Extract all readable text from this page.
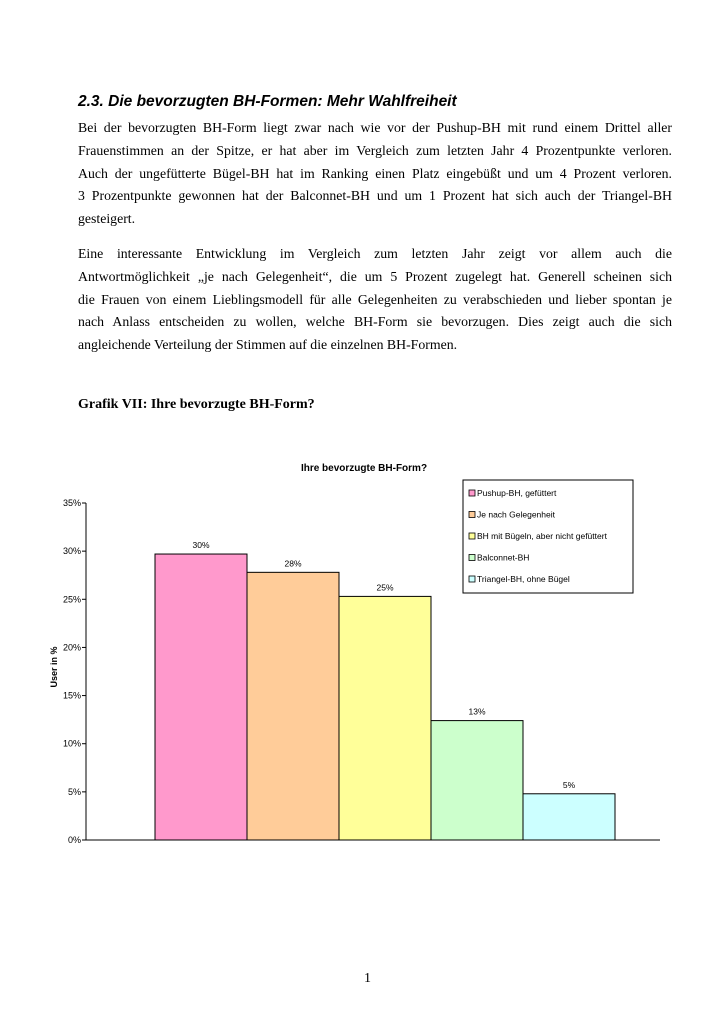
2.3. Die bevorzugten BH-Formen: Mehr Wahlfreiheit
Bei der bevorzugten BH-Form liegt zwar nach wie vor der Pushup-BH mit rund einem Drittel aller
Frauenstimmen an der Spitze, er hat aber im Vergleich zum letzten Jahr 4 Prozentpunkte verloren.
Auch der ungefütterte Bügel-BH hat im Ranking einen Platz eingebüßt und um 4 Prozent verloren.
3 Prozentpunkte gewonnen hat der Balconnet-BH und um 1 Prozent hat sich auch der Triangel-BH
gesteigert.
Eine interessante Entwicklung im Vergleich zum letzten Jahr zeigt vor allem auch die
Antwortmöglichkeit „je nach Gelegenheit“, die um 5 Prozent zugelegt hat. Generell scheinen sich
die Frauen von einem Lieblingsmodell für alle Gelegenheiten zu verabschieden und lieber spontan je
nach Anlass entscheiden zu wollen, welche BH-Form sie bevorzugen. Dies zeigt auch die sich
angleichende Verteilung der Stimmen auf die einzelnen BH-Formen.
Grafik VII: Ihre bevorzugte BH-Form?
0%
5%
10%
15%
20%
25%
30%
35%
30%
28%
25%
13%
5%
Pushup-BH, gefüttert
Je nach Gelegenheit
BH mit Bügeln, aber nicht gefüttert
Balconnet-BH
Triangel-BH, ohne Bügel
Ihre bevorzugte BH-Form?
User in %
1
